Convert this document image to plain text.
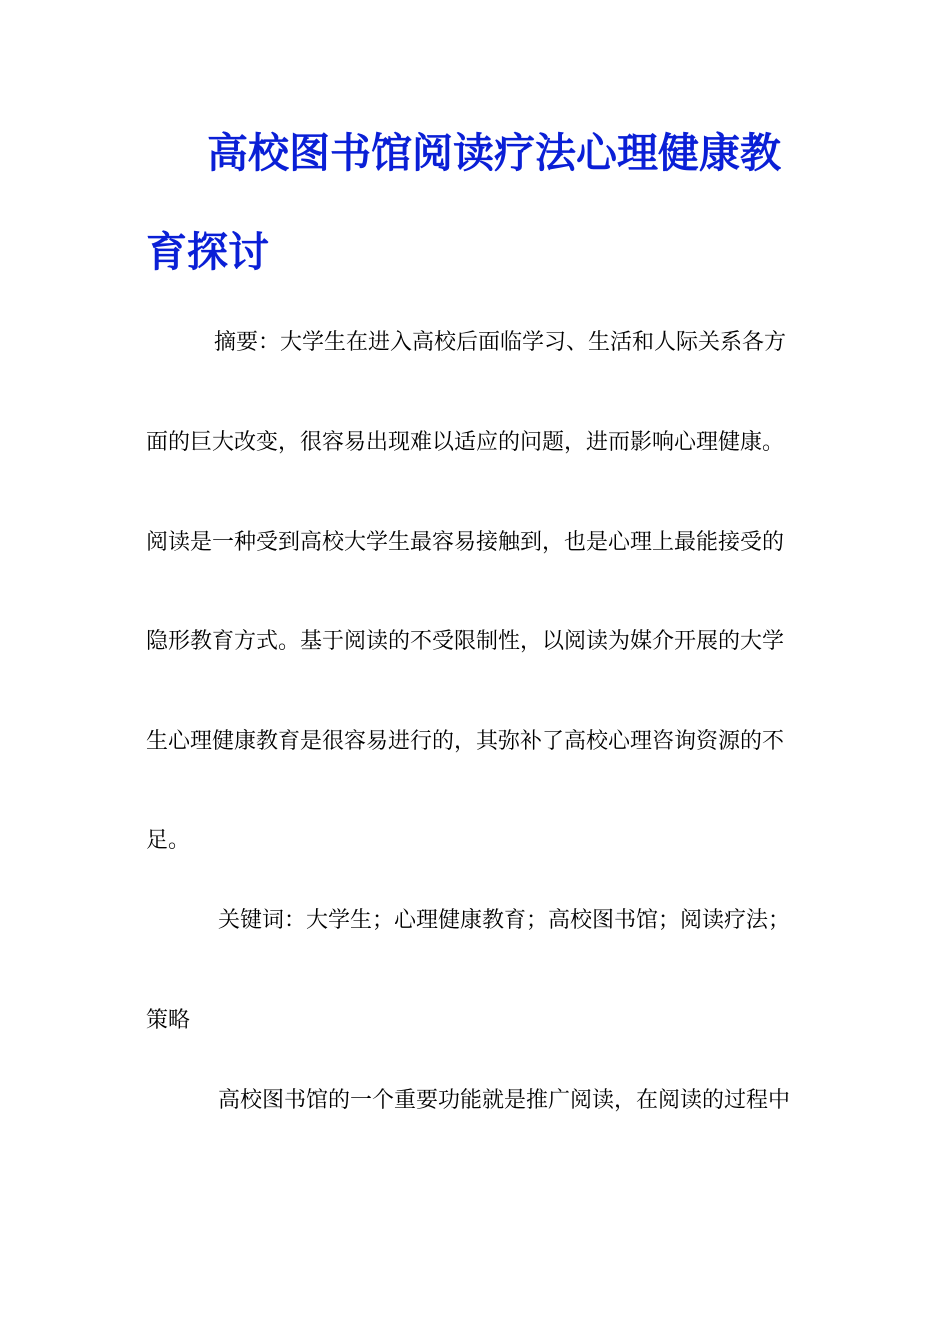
高校图书馆阅读疗法心理健康教
育探讨
摘要：大学生在进入高校后面临学习、生活和人际关系各方
面的巨大改变，很容易出现难以适应的问题，进而影响心理健康。
阅读是一种受到高校大学生最容易接触到，也是心理上最能接受的
隐形教育方式。基于阅读的不受限制性，以阅读为媒介开展的大学
生心理健康教育是很容易进行的，其弥补了高校心理咨询资源的不
足。
关键词：大学生；心理健康教育；高校图书馆；阅读疗法；
策略
高校图书馆的一个重要功能就是推广阅读，在阅读的过程中
